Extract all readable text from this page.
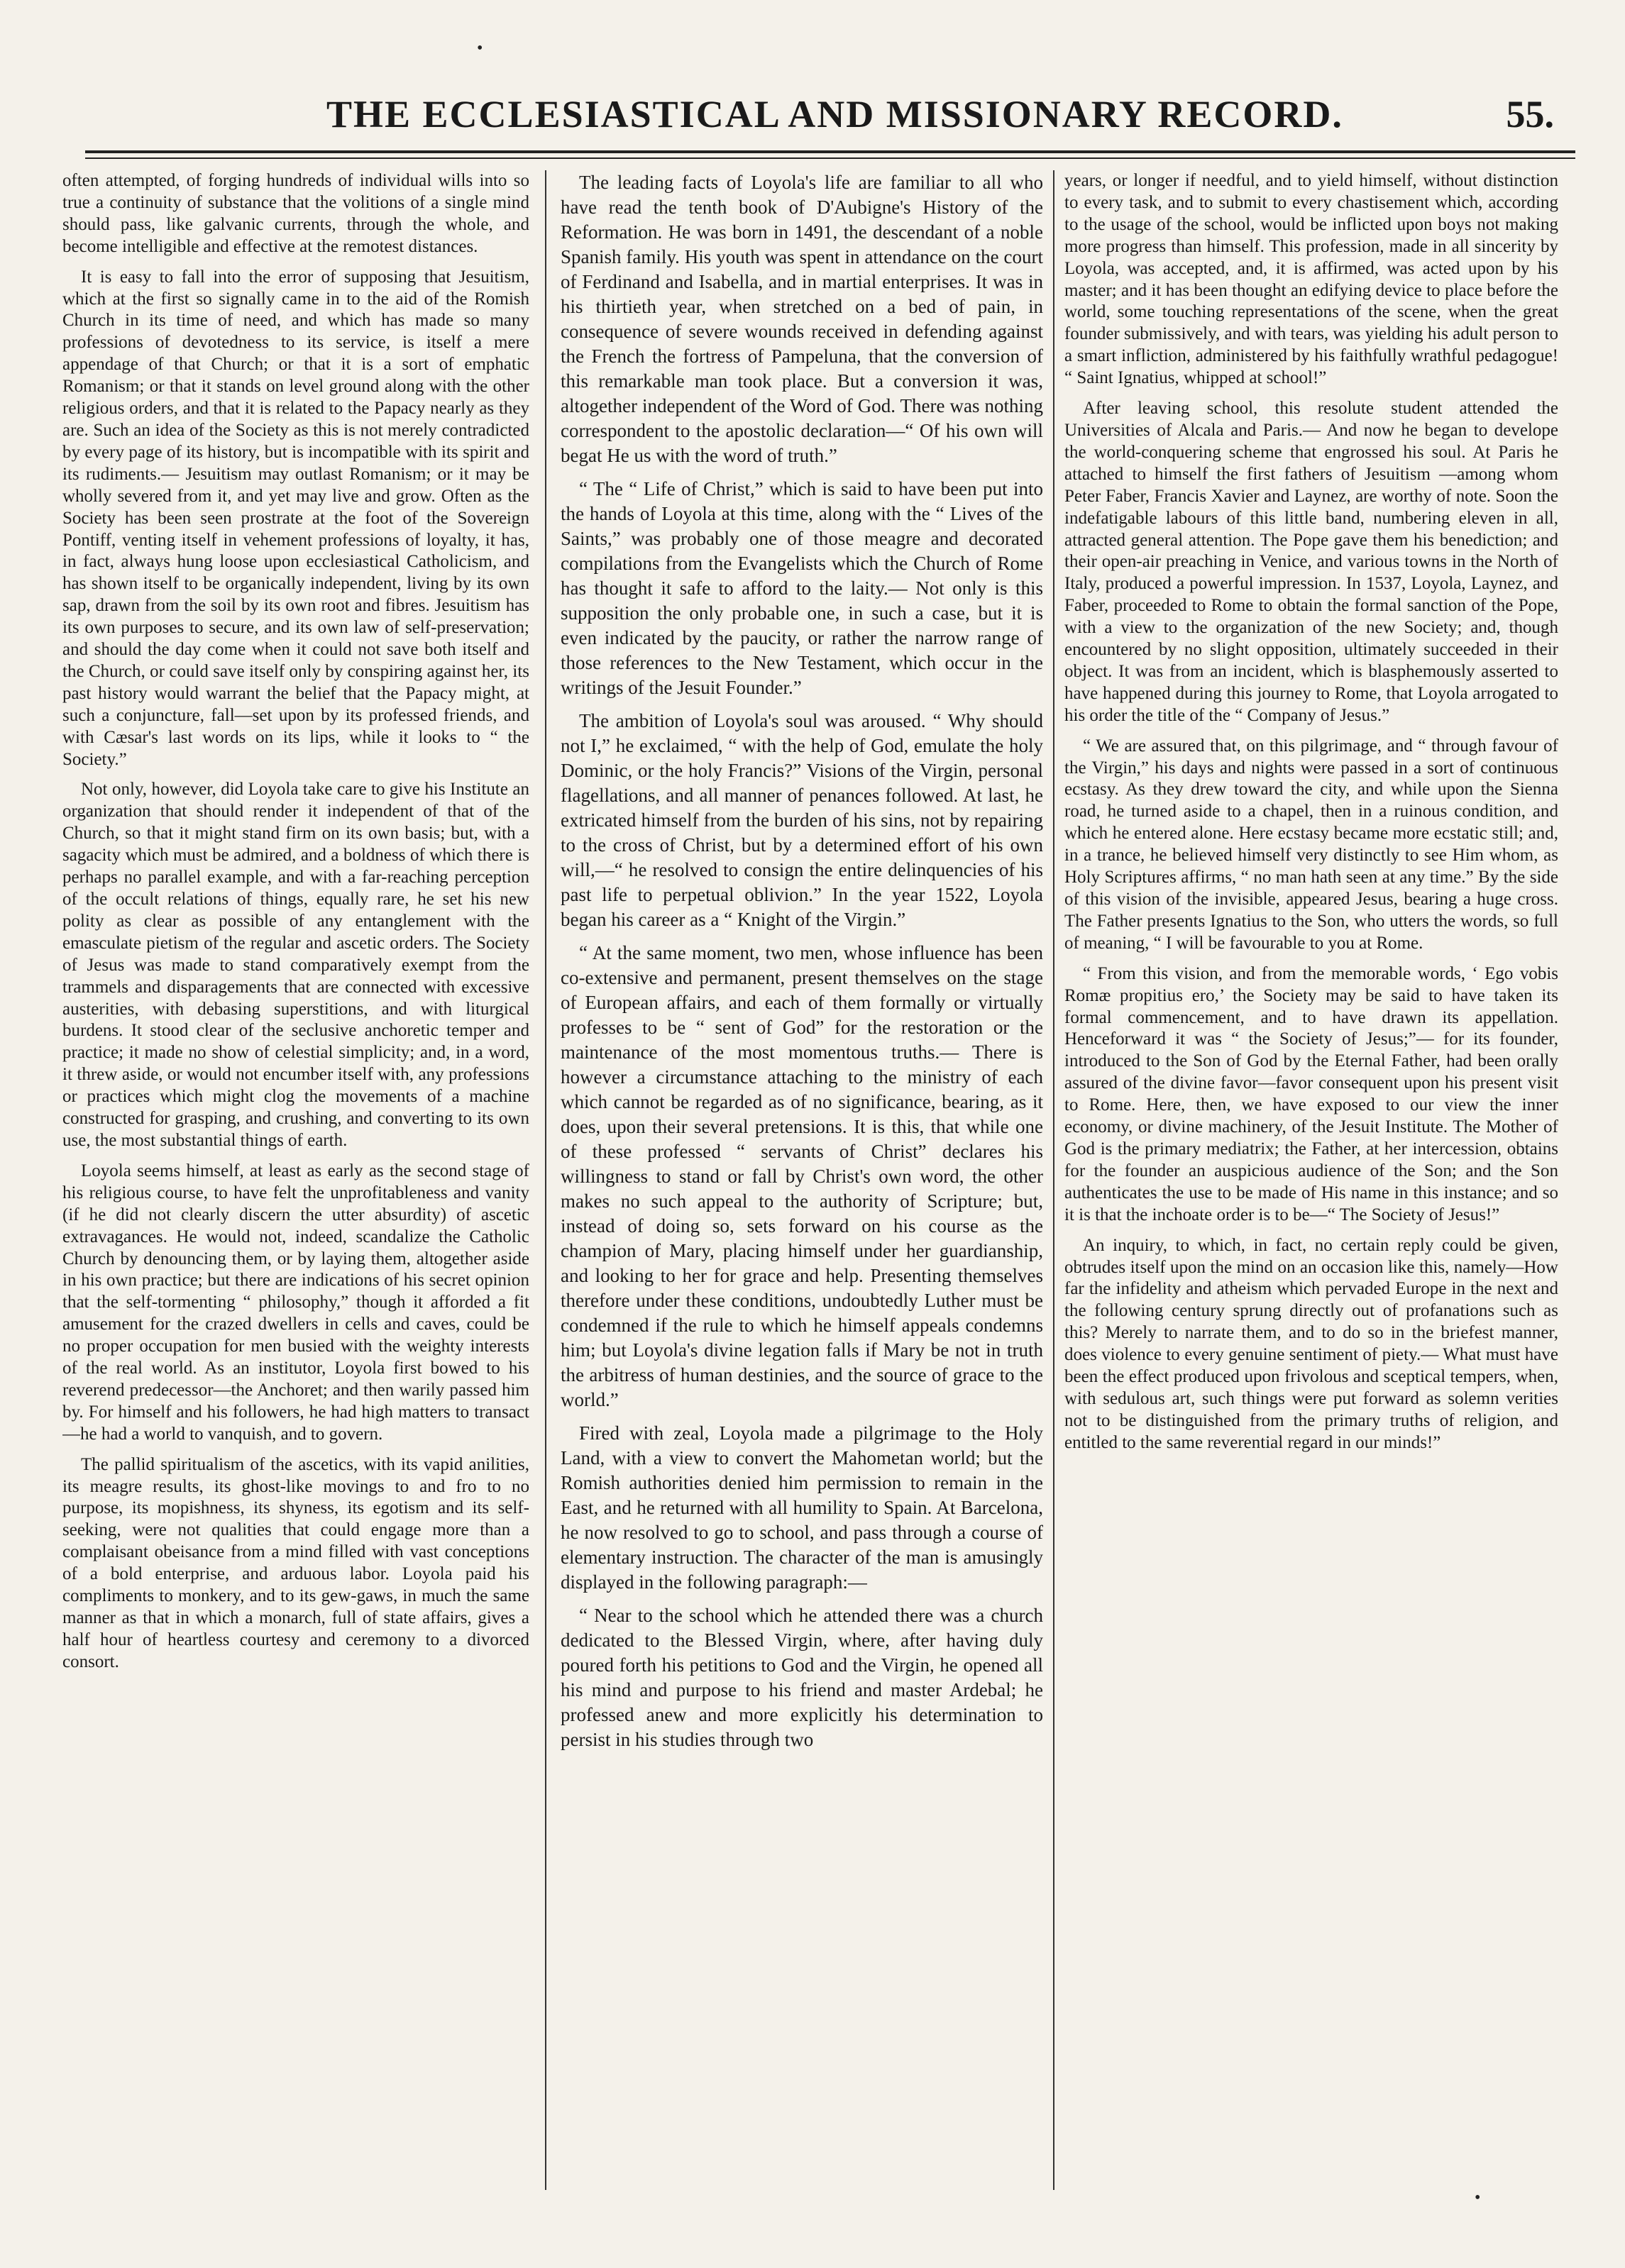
THE ECCLESIASTICAL AND MISSIONARY RECORD.	55.

often attempted, of forging hundreds of individual wills into so true a continuity of substance that the volitions of a single mind should pass, like galvanic currents, through the whole, and become intelligible and effective at the remotest distances.

It is easy to fall into the error of supposing that Jesuitism, which at the first so signally came in to the aid of the Romish Church in its time of need, and which has made so many professions of devotedness to its service, is itself a mere appendage of that Church; or that it is a sort of emphatic Romanism; or that it stands on level ground along with the other religious orders, and that it is related to the Papacy nearly as they are. Such an idea of the Society as this is not merely contradicted by every page of its history, but is incompatible with its spirit and its rudiments.— Jesuitism may outlast Romanism; or it may be wholly severed from it, and yet may live and grow. Often as the Society has been seen prostrate at the foot of the Sovereign Pontiff, venting itself in vehement professions of loyalty, it has, in fact, always hung loose upon ecclesiastical Catholicism, and has shown itself to be organically independent, living by its own sap, drawn from the soil by its own root and fibres. Jesuitism has its own purposes to secure, and its own law of self-preservation; and should the day come when it could not save both itself and the Church, or could save itself only by conspiring against her, its past history would warrant the belief that the Papacy might, at such a conjuncture, fall—set upon by its professed friends, and with Cæsar's last words on its lips, while it looks to “ the Society.”

Not only, however, did Loyola take care to give his Institute an organization that should render it independent of that of the Church, so that it might stand firm on its own basis; but, with a sagacity which must be admired, and a boldness of which there is perhaps no parallel example, and with a far-reaching perception of the occult relations of things, equally rare, he set his new polity as clear as possible of any entanglement with the emasculate pietism of the regular and ascetic orders. The Society of Jesus was made to stand comparatively exempt from the trammels and disparagements that are connected with excessive austerities, with debasing superstitions, and with liturgical burdens. It stood clear of the seclusive anchoretic temper and practice; it made no show of celestial simplicity; and, in a word, it threw aside, or would not encumber itself with, any professions or practices which might clog the movements of a machine constructed for grasping, and crushing, and converting to its own use, the most substantial things of earth.

Loyola seems himself, at least as early as the second stage of his religious course, to have felt the unprofitableness and vanity (if he did not clearly discern the utter absurdity) of ascetic extravagances. He would not, indeed, scandalize the Catholic Church by denouncing them, or by laying them, altogether aside in his own practice; but there are indications of his secret opinion that the self-tormenting “ philosophy,” though it afforded a fit amusement for the crazed dwellers in cells and caves, could be no proper occupation for men busied with the weighty interests of the real world. As an institutor, Loyola first bowed to his reverend predecessor—the Anchoret; and then warily passed him by. For himself and his followers, he had high matters to transact—he had a world to vanquish, and to govern.

The pallid spiritualism of the ascetics, with its vapid anilities, its meagre results, its ghost-like movings to and fro to no purpose, its mopishness, its shyness, its egotism and its self-seeking, were not qualities that could engage more than a complaisant obeisance from a mind filled with vast conceptions of a bold enterprise, and arduous labor. Loyola paid his compliments to monkery, and to its gew-gaws, in much the same manner as that in which a monarch, full of state affairs, gives a half hour of heartless courtesy and ceremony to a divorced consort.

The leading facts of Loyola's life are familiar to all who have read the tenth book of D'Aubigne's History of the Reformation. He was born in 1491, the descendant of a noble Spanish family. His youth was spent in attendance on the court of Ferdinand and Isabella, and in martial enterprises. It was in his thirtieth year, when stretched on a bed of pain, in consequence of severe wounds received in defending against the French the fortress of Pampeluna, that the conversion of this remarkable man took place. But a conversion it was, altogether independent of the Word of God. There was nothing correspondent to the apostolic declaration—“ Of his own will begat He us with the word of truth.”

“ The “ Life of Christ,” which is said to have been put into the hands of Loyola at this time, along with the “ Lives of the Saints,” was probably one of those meagre and decorated compilations from the Evangelists which the Church of Rome has thought it safe to afford to the laity.— Not only is this supposition the only probable one, in such a case, but it is even indicated by the paucity, or rather the narrow range of those references to the New Testament, which occur in the writings of the Jesuit Founder.”

The ambition of Loyola's soul was aroused. “ Why should not I,” he exclaimed, “ with the help of God, emulate the holy Dominic, or the holy Francis?” Visions of the Virgin, personal flagellations, and all manner of penances followed. At last, he extricated himself from the burden of his sins, not by repairing to the cross of Christ, but by a determined effort of his own will,—“ he resolved to consign the entire delinquencies of his past life to perpetual oblivion.” In the year 1522, Loyola began his career as a “ Knight of the Virgin.”

“ At the same moment, two men, whose influence has been co-extensive and permanent, present themselves on the stage of European affairs, and each of them formally or virtually professes to be “ sent of God” for the restoration or the maintenance of the most momentous truths.— There is however a circumstance attaching to the ministry of each which cannot be regarded as of no significance, bearing, as it does, upon their several pretensions. It is this, that while one of these professed “ servants of Christ” declares his willingness to stand or fall by Christ's own word, the other makes no such appeal to the authority of Scripture; but, instead of doing so, sets forward on his course as the champion of Mary, placing himself under her guardianship, and looking to her for grace and help. Presenting themselves therefore under these conditions, undoubtedly Luther must be condemned if the rule to which he himself appeals condemns him; but Loyola's divine legation falls if Mary be not in truth the arbitress of human destinies, and the source of grace to the world.”

Fired with zeal, Loyola made a pilgrimage to the Holy Land, with a view to convert the Mahometan world; but the Romish authorities denied him permission to remain in the East, and he returned with all humility to Spain. At Barcelona, he now resolved to go to school, and pass through a course of elementary instruction. The character of the man is amusingly displayed in the following paragraph:—

“ Near to the school which he attended there was a church dedicated to the Blessed Virgin, where, after having duly poured forth his petitions to God and the Virgin, he opened all his mind and purpose to his friend and master Ardebal; he professed anew and more explicitly his determination to persist in his studies through two

years, or longer if needful, and to yield himself, without distinction to every task, and to submit to every chastisement which, according to the usage of the school, would be inflicted upon boys not making more progress than himself. This profession, made in all sincerity by Loyola, was accepted, and, it is affirmed, was acted upon by his master; and it has been thought an edifying device to place before the world, some touching representations of the scene, when the great founder submissively, and with tears, was yielding his adult person to a smart infliction, administered by his faithfully wrathful pedagogue! “ Saint Ignatius, whipped at school!”

After leaving school, this resolute student attended the Universities of Alcala and Paris.— And now he began to develope the world-conquering scheme that engrossed his soul. At Paris he attached to himself the first fathers of Jesuitism —among whom Peter Faber, Francis Xavier and Laynez, are worthy of note. Soon the indefatigable labours of this little band, numbering eleven in all, attracted general attention. The Pope gave them his benediction; and their open-air preaching in Venice, and various towns in the North of Italy, produced a powerful impression. In 1537, Loyola, Laynez, and Faber, proceeded to Rome to obtain the formal sanction of the Pope, with a view to the organization of the new Society; and, though encountered by no slight opposition, ultimately succeeded in their object. It was from an incident, which is blasphemously asserted to have happened during this journey to Rome, that Loyola arrogated to his order the title of the “ Company of Jesus.”

“ We are assured that, on this pilgrimage, and “ through favour of the Virgin,” his days and nights were passed in a sort of continuous ecstasy. As they drew toward the city, and while upon the Sienna road, he turned aside to a chapel, then in a ruinous condition, and which he entered alone. Here ecstasy became more ecstatic still; and, in a trance, he believed himself very distinctly to see Him whom, as Holy Scriptures affirms, “ no man hath seen at any time.” By the side of this vision of the invisible, appeared Jesus, bearing a huge cross. The Father presents Ignatius to the Son, who utters the words, so full of meaning, “ I will be favourable to you at Rome.

“ From this vision, and from the memorable words, ‘ Ego vobis Romæ propitius ero,’ the Society may be said to have taken its formal commencement, and to have drawn its appellation. Henceforward it was “ the Society of Jesus;”— for its founder, introduced to the Son of God by the Eternal Father, had been orally assured of the divine favor—favor consequent upon his present visit to Rome. Here, then, we have exposed to our view the inner economy, or divine machinery, of the Jesuit Institute. The Mother of God is the primary mediatrix; the Father, at her intercession, obtains for the founder an auspicious audience of the Son; and the Son authenticates the use to be made of His name in this instance; and so it is that the inchoate order is to be—“ The Society of Jesus!”

An inquiry, to which, in fact, no certain reply could be given, obtrudes itself upon the mind on an occasion like this, namely—How far the infidelity and atheism which pervaded Europe in the next and the following century sprung directly out of profanations such as this? Merely to narrate them, and to do so in the briefest manner, does violence to every genuine sentiment of piety.— What must have been the effect produced upon frivolous and sceptical tempers, when, with sedulous art, such things were put forward as solemn verities not to be distinguished from the primary truths of religion, and entitled to the same reverential regard in our minds!”

•
•
